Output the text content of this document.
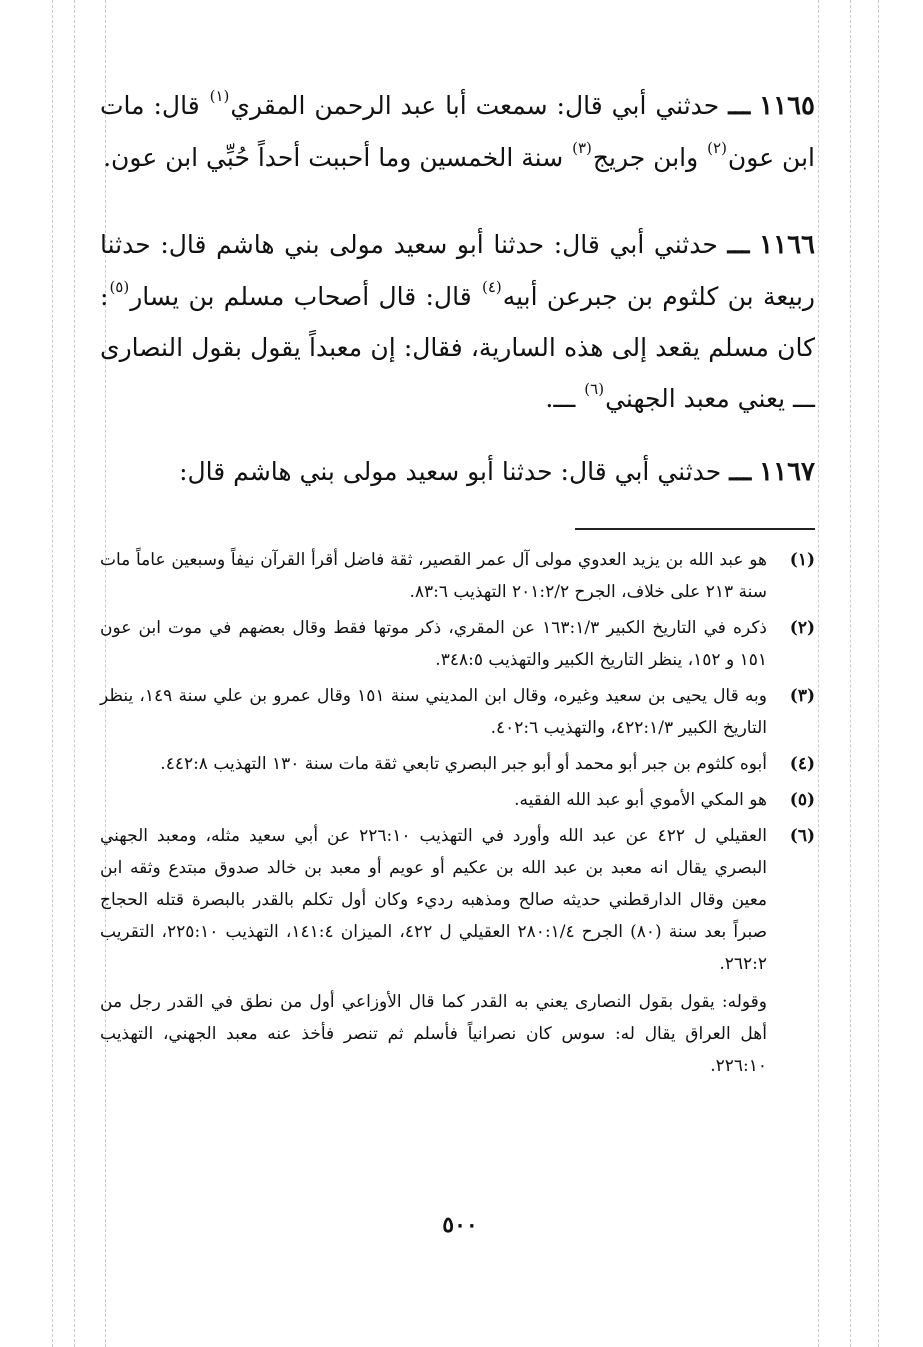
١١٦٥ ـــ حدثني أبي قال: سمعت أبا عبد الرحمن المقري$^{(١)}$ قال: مات ابن عون$^{(٢)}$ وابن جريج$^{(٣)}$ سنة الخمسين وما أحببت أحداً حُبِّي ابن عون.

١١٦٦ ـــ حدثني أبي قال: حدثنا أبو سعيد مولى بني هاشم قال: حدثنا ربيعة بن كلثوم بن جبرعن أبيه$^{(٤)}$ قال: قال أصحاب مسلم بن يسار$^{(٥)}$: كان مسلم يقعد إلى هذه السارية، فقال: إن معبداً يقول بقول النصارى ـــ يعني معبد الجهني$^{(٦)}$ ـــ.

١١٦٧ ـــ حدثني أبي قال: حدثنا أبو سعيد مولى بني هاشم قال:

(١)
هو عبد الله بن يزيد العدوي مولى آل عمر القصير، ثقة فاضل أقرأ القرآن نيفاً وسبعين عاماً مات سنة ٢١٣ على خلاف، الجرح ٢٠١:٢/٢ التهذيب ٨٣:٦.
(٢)
ذكره في التاريخ الكبير ١٦٣:١/٣ عن المقري، ذكر موتها فقط وقال بعضهم في موت ابن عون ١٥١ و ١٥٢، ينظر التاريخ الكبير والتهذيب ٣٤٨:٥.
(٣)
وبه قال يحيى بن سعيد وغيره، وقال ابن المديني سنة ١٥١ وقال عمرو بن علي سنة ١٤٩، ينظر التاريخ الكبير ٤٢٢:١/٣، والتهذيب ٤٠٢:٦.
(٤)
أبوه كلثوم بن جبر أبو محمد أو أبو جبر البصري تابعي ثقة مات سنة ١٣٠ التهذيب ٤٤٢:٨.
(٥)
هو المكي الأموي أبو عبد الله الفقيه.
(٦)
العقيلي ل ٤٢٢ عن عبد الله وأورد في التهذيب ٢٢٦:١٠ عن أبي سعيد مثله، ومعبد الجهني البصري يقال انه معبد بن عبد الله بن عكيم أو عويم أو معبد بن خالد صدوق مبتدع وثقه ابن معين وقال الدارقطني حديثه صالح ومذهبه رديء وكان أول تكلم بالقدر بالبصرة قتله الحجاج صبراً بعد سنة (٨٠) الجرح ٢٨٠:١/٤ العقيلي ل ٤٢٢، الميزان ١٤١:٤، التهذيب ٢٢٥:١٠، التقريب ٢٦٢:٢.
وقوله: يقول بقول النصارى يعني به القدر كما قال الأوزاعي أول من نطق في القدر رجل من أهل العراق يقال له: سوس كان نصرانياً فأسلم ثم تنصر فأخذ عنه معبد الجهني، التهذيب ٢٢٦:١٠.
٥٠٠
